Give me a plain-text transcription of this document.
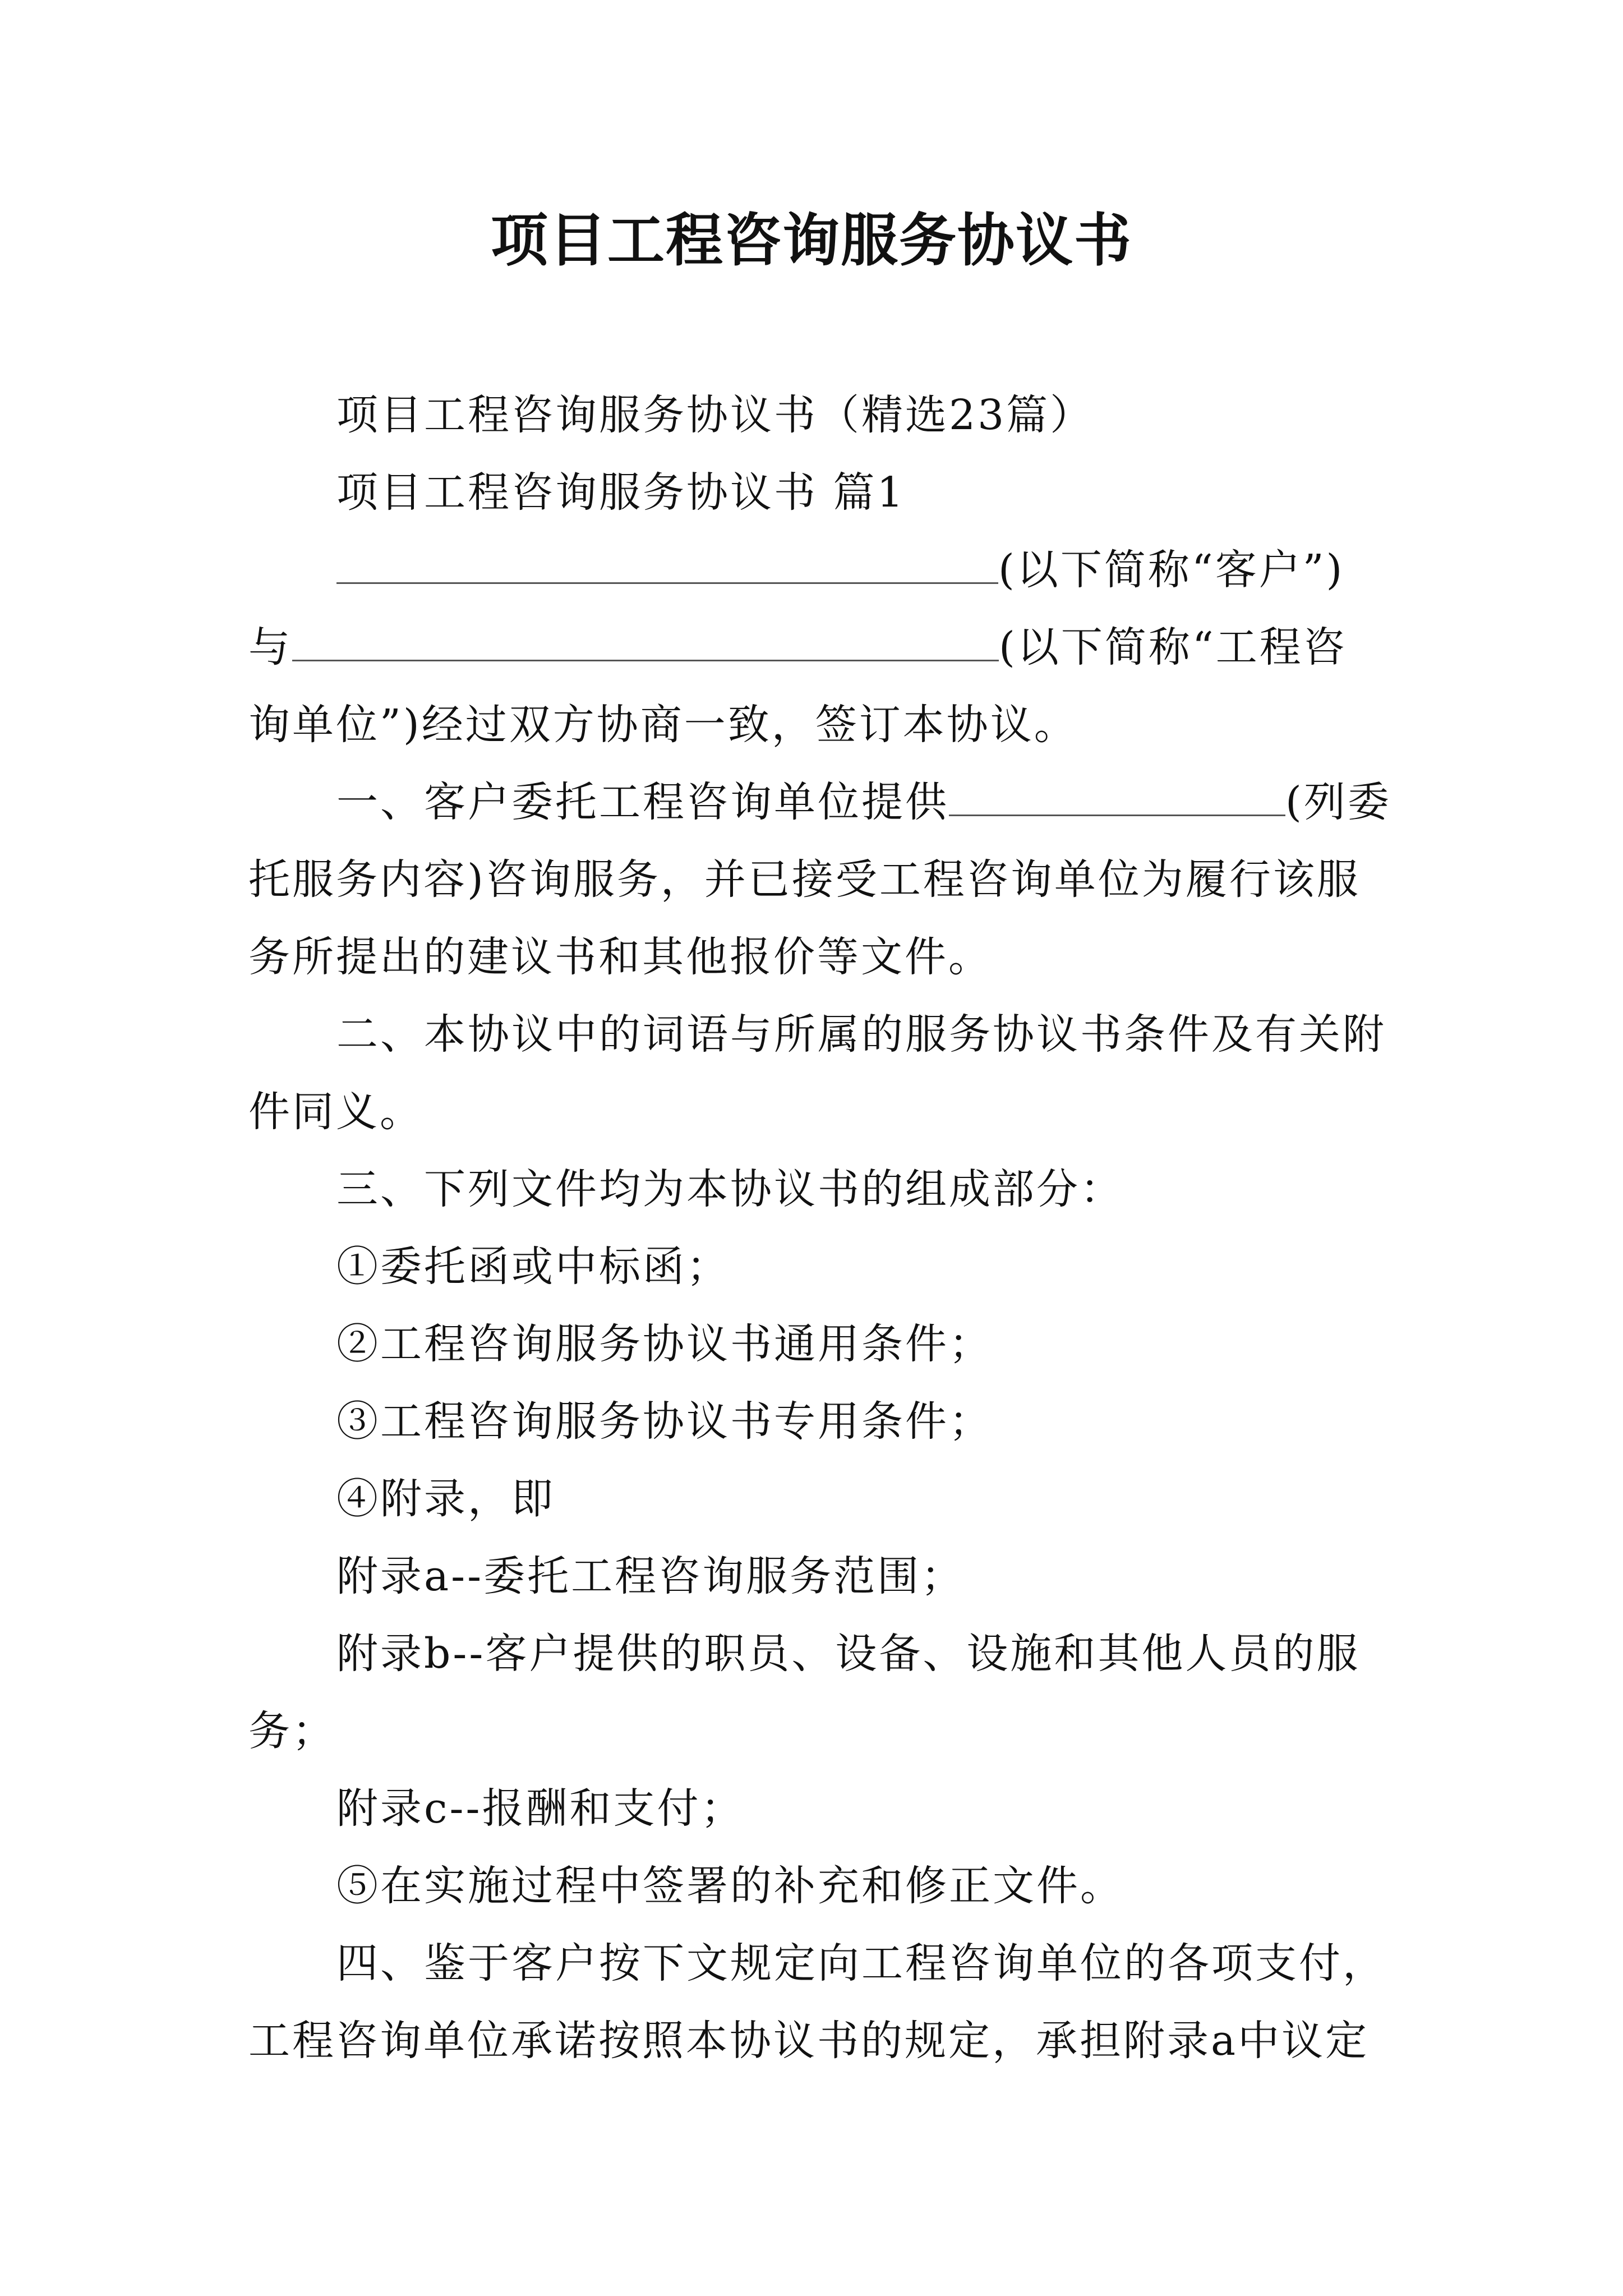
项目工程咨询服务协议书
项目工程咨询服务协议书（精选23篇）
项目工程咨询服务协议书 篇1
(以下简称“客户”)
与	(以下简称“工程咨
询单位”)经过双方协商一致，签订本协议。
一、客户委托工程咨询单位提供	(列委
托服务内容)咨询服务，并已接受工程咨询单位为履行该服
务所提出的建议书和其他报价等文件。
二、本协议中的词语与所属的服务协议书条件及有关附
件同义。
三、下列文件均为本协议书的组成部分：
①委托函或中标函；
②工程咨询服务协议书通用条件；
③工程咨询服务协议书专用条件；
④附录，即
附录a--委托工程咨询服务范围；
附录b--客户提供的职员、设备、设施和其他人员的服
务；
附录c--报酬和支付；
⑤在实施过程中签署的补充和修正文件。
四、鉴于客户按下文规定向工程咨询单位的各项支付，
工程咨询单位承诺按照本协议书的规定，承担附录a中议定
